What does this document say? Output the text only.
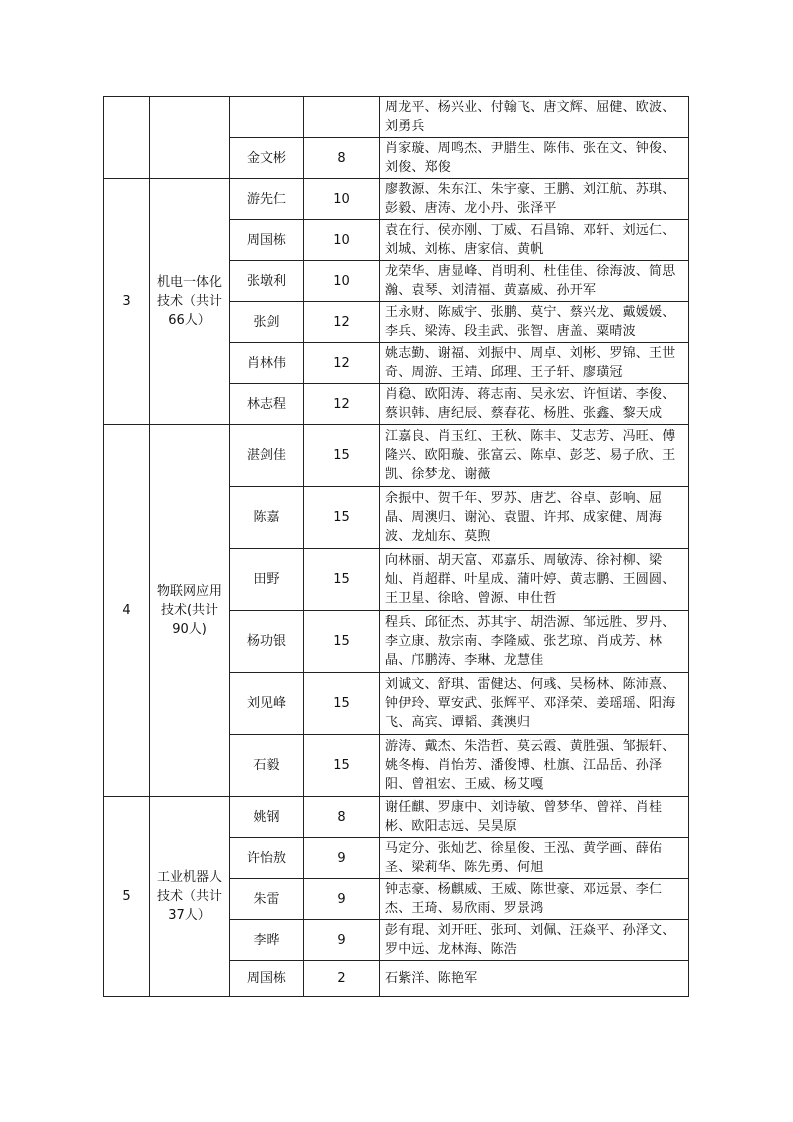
				周龙平、杨兴业、付翰飞、唐文辉、屈健、欧波、刘勇兵
		金文彬	8	肖家璇、周鸣杰、尹腊生、陈伟、张在文、钟俊、刘俊、郑俊
3	机电一体化技术（共计66人）	游先仁	10	廖教源、朱东江、朱宇豪、王鹏、刘江航、苏琪、彭毅、唐涛、龙小丹、张泽平
		周国栋	10	袁在行、侯亦刚、丁威、石昌锦、邓轩、刘远仁、刘城、刘栋、唐家信、黄帆
		张墩利	10	龙荣华、唐显峰、肖明利、杜佳佳、徐海波、简思瀚、袁琴、刘清福、黄嘉威、孙开军
		张剑	12	王永财、陈威宇、张鹏、莫宁、蔡兴龙、戴媛媛、李兵、梁涛、段圭武、张智、唐盖、粟晴波
		肖林伟	12	姚志勤、谢福、刘振中、周卓、刘彬、罗锦、王世奇、周游、王靖、邱理、王子轩、廖璜冠
		林志程	12	肖稳、欧阳涛、蒋志南、吴永宏、许恒诺、李俊、蔡识韩、唐纪辰、蔡春花、杨胜、张鑫、黎天成
4	物联网应用技术(共计90人)	湛剑佳	15	江嘉良、肖玉红、王秋、陈丰、艾志芳、冯旺、傅隆兴、欧阳璇、张富云、陈卓、彭芝、易子欣、王凯、徐梦龙、谢薇
		陈嘉	15	余振中、贺千年、罗苏、唐艺、谷卓、彭响、屈晶、周澳归、谢沁、袁盟、许邦、成家健、周海波、龙灿东、莫煦
		田野	15	向林丽、胡天富、邓嘉乐、周敏涛、徐衬柳、梁灿、肖超群、叶星成、蒲叶婷、黄志鹏、王圆圆、王卫星、徐晗、曾源、申仕哲
		杨功银	15	程兵、邱征杰、苏其宇、胡浩源、邹远胜、罗丹、李立康、敖宗南、李隆威、张艺琼、肖成芳、林晶、邝鹏涛、李琳、龙慧佳
		刘见峰	15	刘诚文、舒琪、雷健达、何彧、吴杨林、陈沛熹、钟伊玲、覃安武、张辉平、邓泽荣、姜瑶瑶、阳海飞、高宾、谭韬、龚澳归
		石毅	15	游涛、戴杰、朱浩哲、莫云霞、黄胜强、邹振轩、姚冬梅、肖怡芳、潘俊博、杜旗、江品岳、孙泽阳、曾祖宏、王威、杨艾嘎
5	工业机器人技术（共计37人）	姚钢	8	谢任麒、罗康中、刘诗敏、曾梦华、曾祥、肖桂彬、欧阳志远、吴昊原
		许怡敖	9	马定分、张灿艺、徐星俊、王泓、黄学画、薛佑圣、梁莉华、陈先勇、何旭
		朱雷	9	钟志豪、杨麒威、王威、陈世豪、邓远景、李仁杰、王琦、易欣雨、罗景鸿
		李晔	9	彭有琨、刘开旺、张珂、刘佩、汪焱平、孙泽文、罗中远、龙林海、陈浩
		周国栋	2	石紫洋、陈艳军
